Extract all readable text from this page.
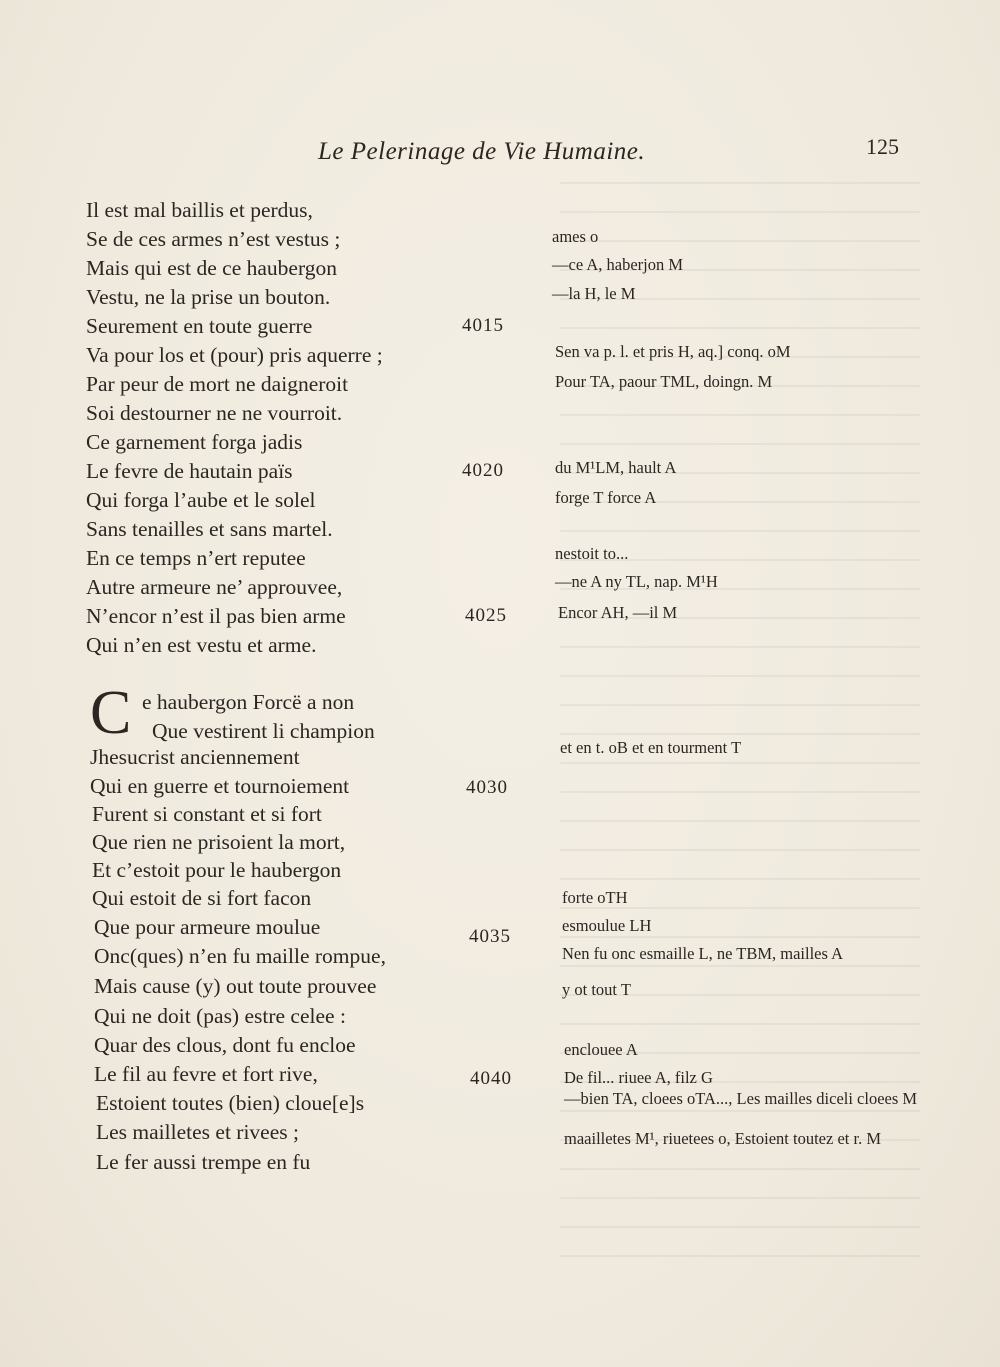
Le Pelerinage de Vie Humaine.	125
Il est mal baillis et perdus,
Se de ces armes n’est vestus ;
Mais qui est de ce haubergon
Vestu, ne la prise un bouton.
Seurement en toute guerre
Va pour los et (pour) pris aquerre ;
Par peur de mort ne daigneroit
Soi destourner ne ne vourroit.
Ce garnement forga jadis
Le fevre de hautain païs
Qui forga l’aube et le solel
Sans tenailles et sans martel.
En ce temps n’ert reputee
Autre armeure ne’ approuvee,
N’encor n’est il pas bien arme
Qui n’en est vestu et arme.
C e haubergon Forcë a non
Que vestirent li champion
Jhesucrist anciennement
Qui en guerre et tournoiement
Furent si constant et si fort
Que rien ne prisoient la mort,
Et c’estoit pour le haubergon
Qui estoit de si fort facon
Que pour armeure moulue
Onc(ques) n’en fu maille rompue,
Mais cause (y) out toute prouvee
Qui ne doit (pas) estre celee :
Quar des clous, dont fu encloe
Le fil au fevre et fort rive,
Estoient toutes (bien) cloue[e]s
Les mailletes et rivees ;
Le fer aussi trempe en fu
4015
4020
4025
4030
4035
4040
ames o
—ce A, haberjon M
—la H, le M
Sen va p. l. et pris H, aq.] conq. oM
Pour TA, paour TML, doingn. M
du M¹LM, hault A
forge T force A
nestoit to...
—ne A ny TL, nap. M¹H
Encor AH, —il M
et en t. oB et en tourment T
forte oTH
esmoulue LH
Nen fu onc esmaille L, ne TBM, mailles A
y ot tout T
enclouee A
De fil... riuee A, filz G
—bien TA, cloees oTA..., Les mailles diceli cloees M
maailletes M¹, riuetees o, Estoient toutez et r. M
